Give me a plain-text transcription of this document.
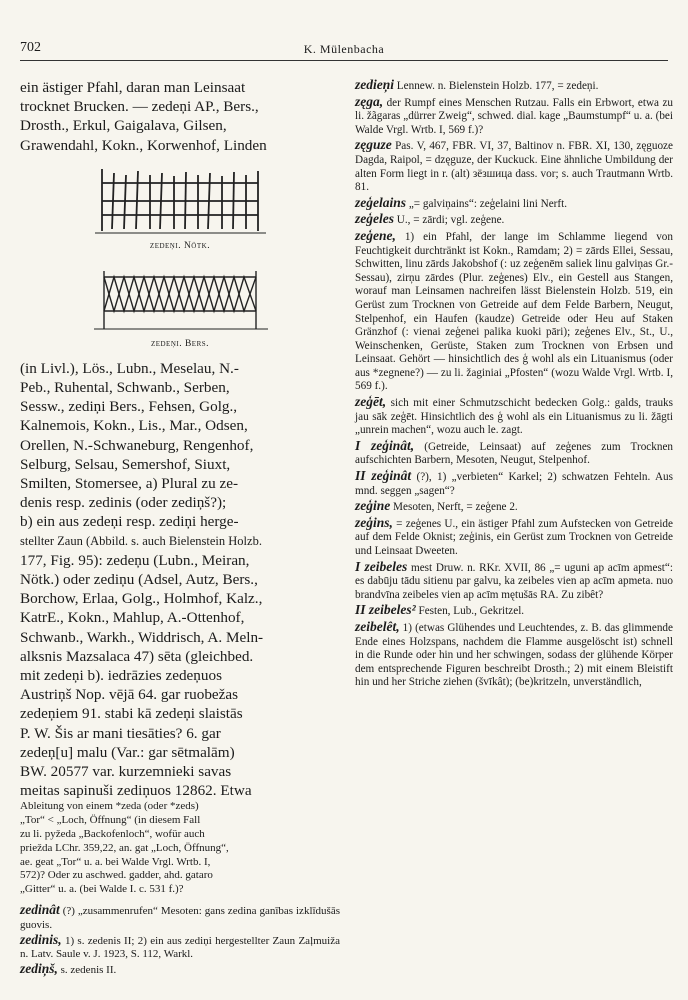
702	K. Mülenbacha

ein ästiger Pfahl, daran man Leinsaat

trocknet Brucken. — zedeņi AP., Bers.,

Drosth., Erkul, Gaigalava, Gilsen,

Grawendahl, Kokn., Korwenhof, Linden

zedeņi. Nötk.
zedeņi. Bers.

(in Livl.), Lös., Lubn., Meselau, N.-

Peb., Ruhental, Schwanb., Serben,

Sessw., zediņi Bers., Fehsen, Golg.,

Kalnemois, Kokn., Lis., Mar., Odsen,

Orellen, N.-Schwaneburg, Rengenhof,

Selburg, Selsau, Semershof, Siuxt,

Smilten, Stomersee, a) Plural zu ze-

denis resp. zedinis (oder zediņš?);

b) ein aus zedeņi resp. zediņi herge-

stellter Zaun (Abbild. s. auch Bielenstein Holzb.

177, Fig. 95): zedeņu (Lubn., Meiran,

Nötk.) oder zediņu (Adsel, Autz, Bers.,

Borchow, Erlaa, Golg., Holmhof, Kalz.,

KatrE., Kokn., Mahlup, A.-Ottenhof,

Schwanb., Warkh., Widdrisch, A. Meln-

alksnis Mazsalaca 47) sēta (gleichbed.

mit zedeņi b). iedrāzies zedeņuos

Austriņš Nop. vējā 64. gar ruobežas

zedeņiem 91. stabi kā zedeņi slaistās

P. W. Šis ar mani tiesāties? 6. gar

zedeņ[u] malu (Var.: gar sētmalām)

BW. 20577 var. kurzemnieki savas

meitas sapinuši zediņuos 12862. Etwa

Ableitung von einem *zeda (oder *zeds)

„Tor“ < „Loch, Öffnung“ (in diesem Fall

zu li. pyžeda „Backofenloch“, wofür auch

priežda LChr. 359,22, an. gat „Loch, Öffnung“,

ae. geat „Tor“ u. a. bei Walde Vrgl. Wrtb. I,

572)? Oder zu aschwed. gadder, ahd. gataro

„Gitter“ u. a. (bei Walde I. c. 531 f.)?

zedinât (?) „zusammenrufen“ Mesoten: gans zedina ganības izklīdušās guovis.

zedinis, 1) s. zedenis II; 2) ein aus zediņi hergestellter Zaun Zaļmuiža n. Latv. Saule v. J. 1923, S. 112, Warkl.

zediņš, s. zedenis II.

zedieņi Lennew. n. Bielenstein Holzb. 177, = zedeņi.

zęga, der Rumpf eines Menschen Rutzau. Falls ein Erbwort, etwa zu li. žãgaras „dürrer Zweig“, schwed. dial. kage „Baumstumpf“ u. a. (bei Walde Vrgl. Wrtb. I, 569 f.)?

zęguze Pas. V, 467, FBR. VI, 37, Baltinov n. FBR. XI, 130, zęguoze Dagda, Raipol, = dzęguze, der Kuckuck. Eine ähnliche Umbildung der alten Form liegt in r. (alt) зёзшица dass. vor; s. auch Trautmann Wrtb. 81.

zeģelains „= galviņains“: zeģelaini lini Nerft.

zeģeles U., = zārdi; vgl. zeģene.

zeģene, 1) ein Pfahl, der lange im Schlamme liegend von Feuchtigkeit durchtränkt ist Kokn., Ramdam; 2) = zārds Ellei, Sessau, Schwitten, linu zārds Jakobshof (: uz zeģenēm saliek linu galviņas Gr.-Sessau), zirņu zārdes (Plur. zeģenes) Elv., ein Gestell aus Stangen, worauf man Leinsamen nachreifen lässt Bielenstein Holzb. 519, ein Gerüst zum Trocknen von Getreide auf dem Felde Barbern, Neugut, Stelpenhof, ein Haufen (kaudze) Getreide oder Heu auf Staken Gränzhof (: vienai zeģenei palika kuoki pāri); zeģenes Elv., St., U., Weinschenken, Gerüste, Staken zum Trocknen von Erbsen und Leinsaat. Gehört — hinsichtlich des ģ wohl als ein Lituanismus (oder aus *zegnene?) — zu li. žaginiai „Pfosten“ (wozu Walde Vrgl. Wrtb. I, 569 f.).

zeģēt, sich mit einer Schmutzschicht bedecken Golg.: galds, trauks jau sāk zeģēt. Hinsichtlich des ģ wohl als ein Lituanismus zu li. žāgti „unrein machen“, wozu auch le. zagt.

I zeģinât, (Getreide, Leinsaat) auf zeģenes zum Trocknen aufschichten Barbern, Mesoten, Neugut, Stelpenhof.

II zeģinât (?), 1) „verbieten“ Karkel; 2) schwatzen Fehteln. Aus mnd. seggen „sagen“?

zeģine Mesoten, Nerft, = zeģene 2.

zeģins, = zeģenes U., ein ästiger Pfahl zum Aufstecken von Getreide auf dem Felde Oknist; zeģinis, ein Gerüst zum Trocknen von Getreide und Leinsaat Dweeten.

I zeibeles mest Druw. n. RKr. XVII, 86 „= uguni ap acīm apmest“: es dabūju tādu sitienu par galvu, ka zeibeles vien ap acīm apmeta. nuo brandvīna zeibeles vien ap acīm mętušās RA. Zu zibêt?

II zeibeles² Festen, Lub., Gekritzel.

zeibelêt, 1) (etwas Glühendes und Leuchtendes, z. B. das glimmende Ende eines Holzspans, nachdem die Flamme ausgelöscht ist) schnell in die Runde oder hin und her schwingen, sodass der glühende Körper dem entsprechende Figuren beschreibt Drosth.; 2) mit einem Bleistift hin und her Striche ziehen (švīkât); (be)kritzeln, unverständlich,
